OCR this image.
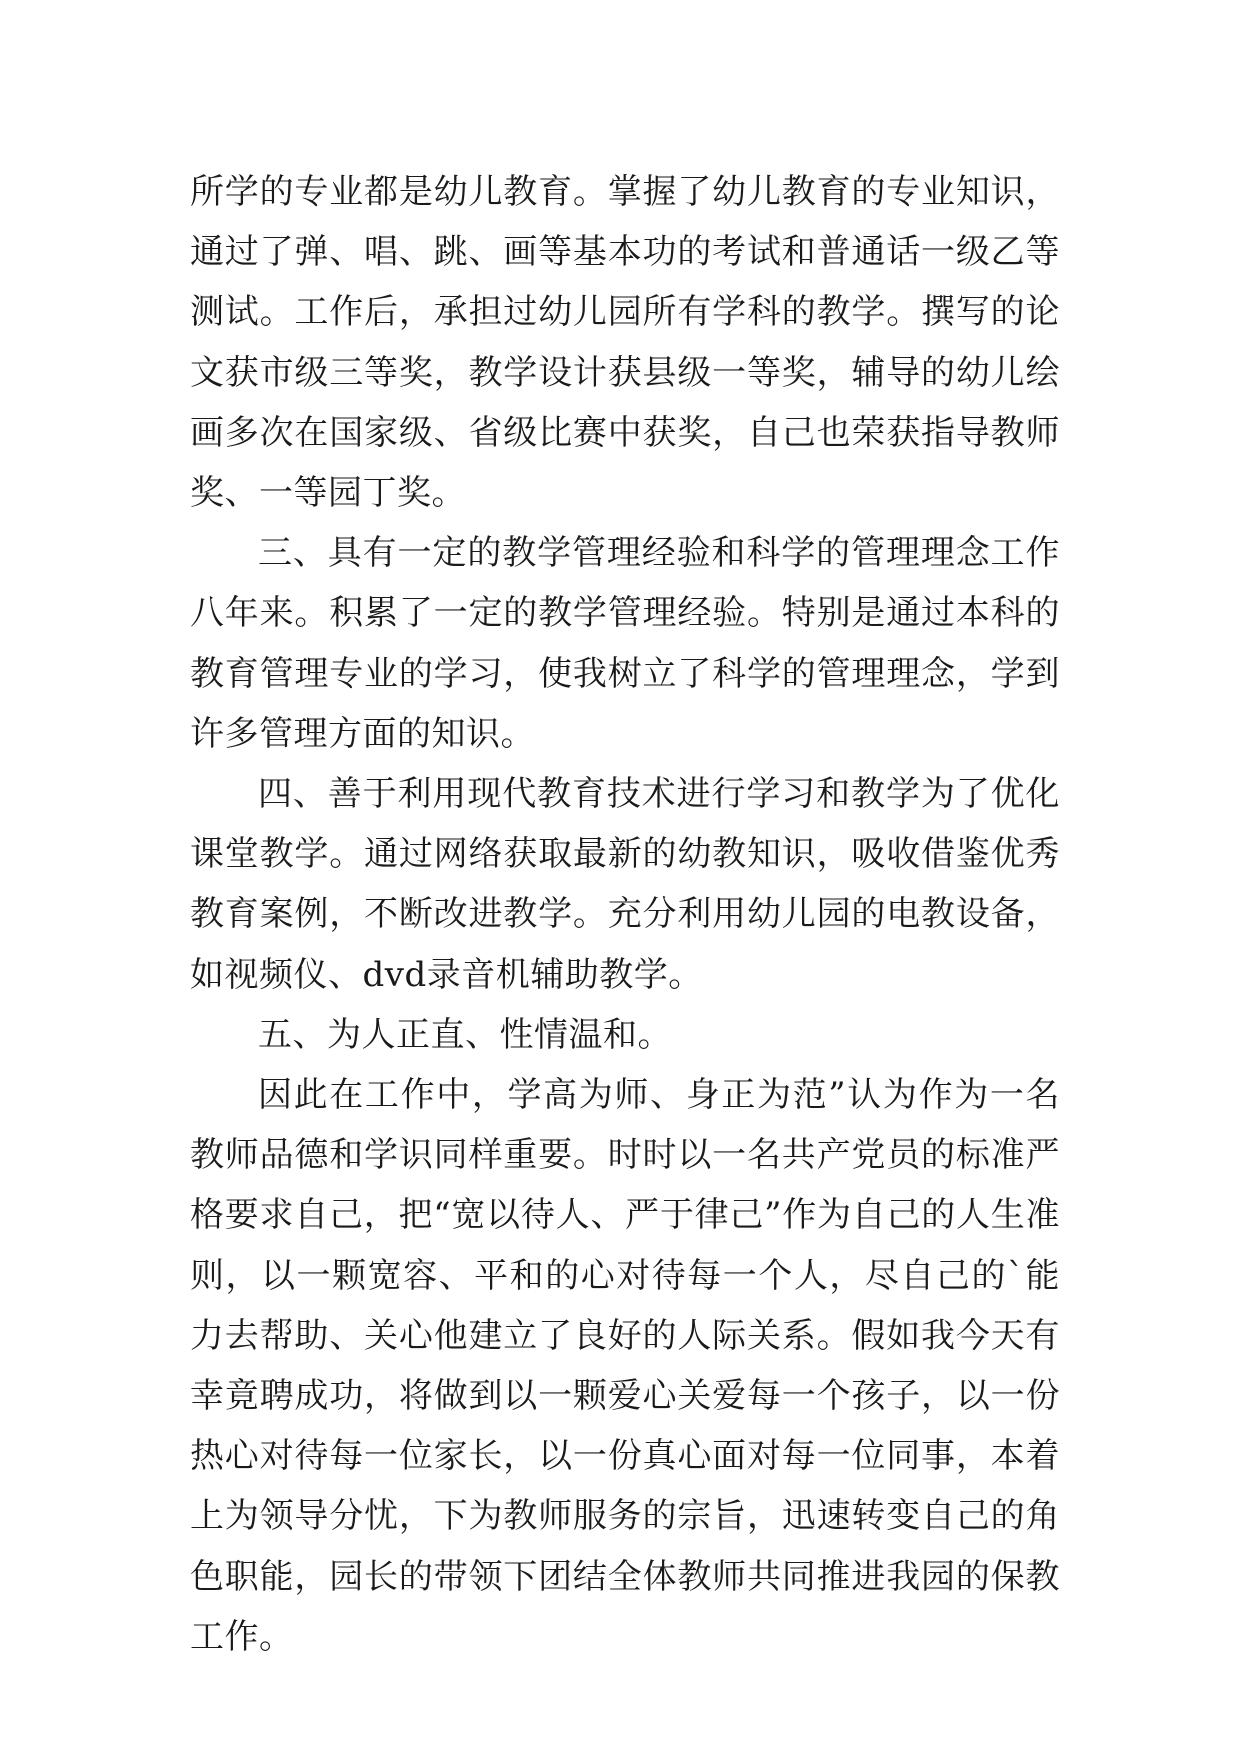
所学的专业都是幼儿教育。掌握了幼儿教育的专业知识，通过了弹、唱、跳、画等基本功的考试和普通话一级乙等测试。工作后，承担过幼儿园所有学科的教学。撰写的论文获市级三等奖，教学设计获县级一等奖，辅导的幼儿绘画多次在国家级、省级比赛中获奖，自己也荣获指导教师奖、一等园丁奖。

三、具有一定的教学管理经验和科学的管理理念工作八年来。积累了一定的教学管理经验。特别是通过本科的教育管理专业的学习，使我树立了科学的管理理念，学到许多管理方面的知识。

四、善于利用现代教育技术进行学习和教学为了优化课堂教学。通过网络获取最新的幼教知识，吸收借鉴优秀教育案例，不断改进教学。充分利用幼儿园的电教设备，如视频仪、dvd录音机辅助教学。

五、为人正直、性情温和。

因此在工作中，学高为师、身正为范”认为作为一名教师品德和学识同样重要。时时以一名共产党员的标准严格要求自己，把“宽以待人、严于律己”作为自己的人生准则，以一颗宽容、平和的心对待每一个人，尽自己的`能力去帮助、关心他建立了良好的人际关系。假如我今天有幸竟聘成功，将做到以一颗爱心关爱每一个孩子，以一份热心对待每一位家长，以一份真心面对每一位同事，本着上为领导分忧，下为教师服务的宗旨，迅速转变自己的角色职能，园长的带领下团结全体教师共同推进我园的保教工作。
